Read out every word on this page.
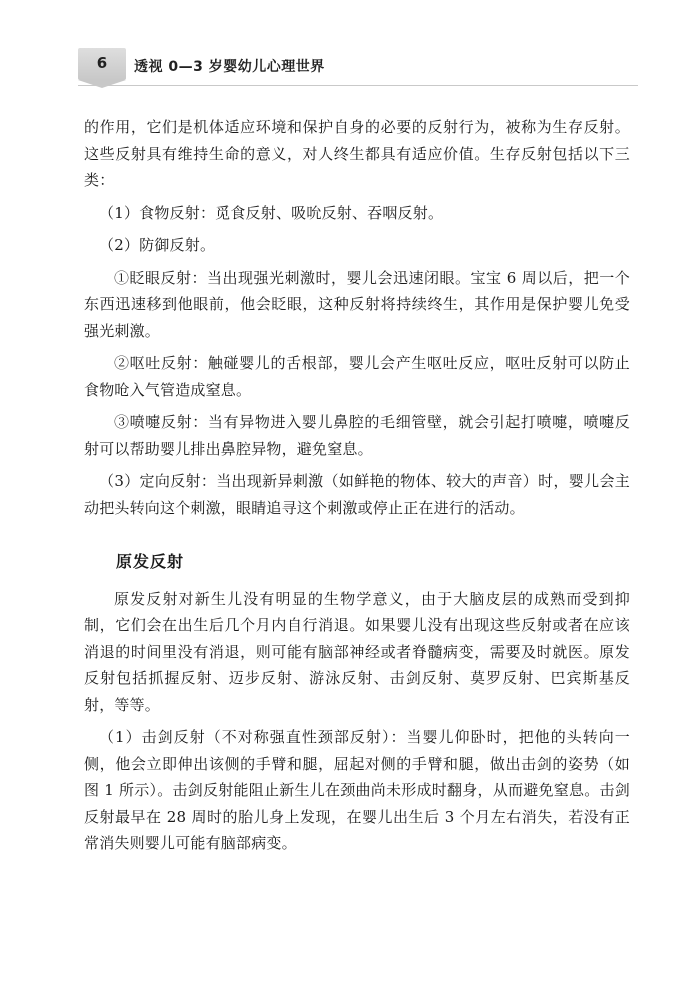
6	透视 0—3 岁婴幼儿心理世界

的作用，它们是机体适应环境和保护自身的必要的反射行为，被称为生存反射。这些反射具有维持生命的意义，对人终生都具有适应价值。生存反射包括以下三类：

（1）食物反射：觅食反射、吸吮反射、吞咽反射。

（2）防御反射。

①眨眼反射：当出现强光刺激时，婴儿会迅速闭眼。宝宝 6 周以后，把一个东西迅速移到他眼前，他会眨眼，这种反射将持续终生，其作用是保护婴儿免受强光刺激。

②呕吐反射：触碰婴儿的舌根部，婴儿会产生呕吐反应，呕吐反射可以防止食物呛入气管造成窒息。

③喷嚏反射：当有异物进入婴儿鼻腔的毛细管壁，就会引起打喷嚏，喷嚏反射可以帮助婴儿排出鼻腔异物，避免窒息。

（3）定向反射：当出现新异刺激（如鲜艳的物体、较大的声音）时，婴儿会主动把头转向这个刺激，眼睛追寻这个刺激或停止正在进行的活动。

原发反射

原发反射对新生儿没有明显的生物学意义，由于大脑皮层的成熟而受到抑制，它们会在出生后几个月内自行消退。如果婴儿没有出现这些反射或者在应该消退的时间里没有消退，则可能有脑部神经或者脊髓病变，需要及时就医。原发反射包括抓握反射、迈步反射、游泳反射、击剑反射、莫罗反射、巴宾斯基反射，等等。

（1）击剑反射（不对称强直性颈部反射）：当婴儿仰卧时，把他的头转向一侧，他会立即伸出该侧的手臂和腿，屈起对侧的手臂和腿，做出击剑的姿势（如图 1 所示）。击剑反射能阻止新生儿在颈曲尚未形成时翻身，从而避免窒息。击剑反射最早在 28 周时的胎儿身上发现，在婴儿出生后 3 个月左右消失，若没有正常消失则婴儿可能有脑部病变。
